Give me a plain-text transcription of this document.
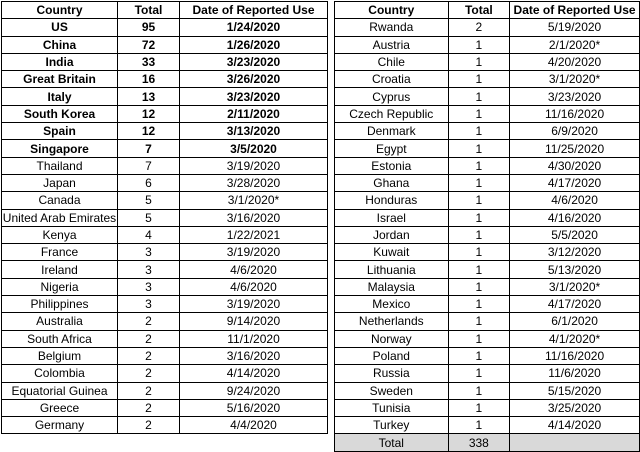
Country	Total	Date of Reported Use
US	95	1/24/2020
China	72	1/26/2020
India	33	3/23/2020
Great Britain	16	3/26/2020
Italy	13	3/23/2020
South Korea	12	2/11/2020
Spain	12	3/13/2020
Singapore	7	3/5/2020
Thailand	7	3/19/2020
Japan	6	3/28/2020
Canada	5	3/1/2020*
United Arab Emirates	5	3/16/2020
Kenya	4	1/22/2021
France	3	3/19/2020
Ireland	3	4/6/2020
Nigeria	3	4/6/2020
Philippines	3	3/19/2020
Australia	2	9/14/2020
South Africa	2	11/1/2020
Belgium	2	3/16/2020
Colombia	2	4/14/2020
Equatorial Guinea	2	9/24/2020
Greece	2	5/16/2020
Germany	2	4/4/2020
Country	Total	Date of Reported Use
Rwanda	2	5/19/2020
Austria	1	2/1/2020*
Chile	1	4/20/2020
Croatia	1	3/1/2020*
Cyprus	1	3/23/2020
Czech Republic	1	11/16/2020
Denmark	1	6/9/2020
Egypt	1	11/25/2020
Estonia	1	4/30/2020
Ghana	1	4/17/2020
Honduras	1	4/6/2020
Israel	1	4/16/2020
Jordan	1	5/5/2020
Kuwait	1	3/12/2020
Lithuania	1	5/13/2020
Malaysia	1	3/1/2020*
Mexico	1	4/17/2020
Netherlands	1	6/1/2020
Norway	1	4/1/2020*
Poland	1	11/16/2020
Russia	1	11/6/2020
Sweden	1	5/15/2020
Tunisia	1	3/25/2020
Turkey	1	4/14/2020
Total	338	
